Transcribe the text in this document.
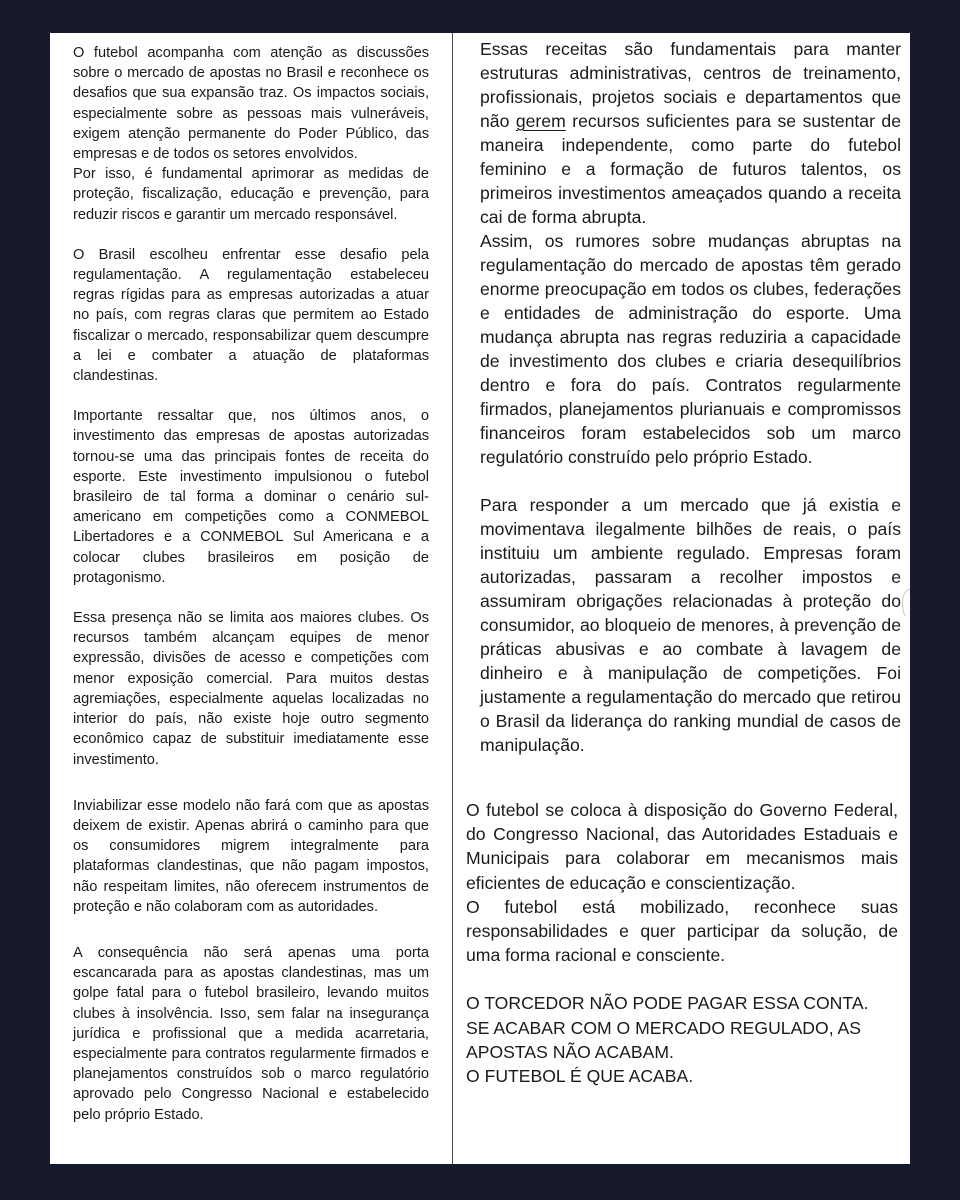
O futebol acompanha com atenção as discussões sobre o mercado de apostas no Brasil e reconhece os desafios que sua expansão traz. Os impactos sociais, especialmente sobre as pessoas mais vulneráveis, exigem atenção permanente do Poder Público, das empresas e de todos os setores envolvidos.

Por isso, é fundamental aprimorar as medidas de proteção, fiscalização, educação e prevenção, para reduzir riscos e garantir um mercado responsável.

O Brasil escolheu enfrentar esse desafio pela regulamentação. A regulamentação estabeleceu regras rígidas para as empresas autorizadas a atuar no país, com regras claras que permitem ao Estado fiscalizar o mercado, responsabilizar quem descumpre a lei e combater a atuação de plataformas clandestinas.

Importante ressaltar que, nos últimos anos, o investimento das empresas de apostas autorizadas tornou-se uma das principais fontes de receita do esporte. Este investimento impulsionou o futebol brasileiro de tal forma a dominar o cenário sul-americano em competições como a CONMEBOL Libertadores e a CONMEBOL Sul Americana e a colocar clubes brasileiros em posição de protagonismo.

Essa presença não se limita aos maiores clubes. Os recursos também alcançam equipes de menor expressão, divisões de acesso e competições com menor exposição comercial. Para muitos destas agremiações, especialmente aquelas localizadas no interior do país, não existe hoje outro segmento econômico capaz de substituir imediatamente esse investimento.

Inviabilizar esse modelo não fará com que as apostas deixem de existir. Apenas abrirá o caminho para que os consumidores migrem integralmente para plataformas clandestinas, que não pagam impostos, não respeitam limites, não oferecem instrumentos de proteção e não colaboram com as autoridades.

A consequência não será apenas uma porta escancarada para as apostas clandestinas, mas um golpe fatal para o futebol brasileiro, levando muitos clubes à insolvência. Isso, sem falar na insegurança jurídica e profissional que a medida acarretaria, especialmente para contratos regularmente firmados e planejamentos construídos sob o marco regulatório aprovado pelo Congresso Nacional e estabelecido pelo próprio Estado.

Essas receitas são fundamentais para manter estruturas administrativas, centros de treinamento, profissionais, projetos sociais e departamentos que não gerem recursos suficientes para se sustentar de maneira independente, como parte do futebol feminino e a formação de futuros talentos, os primeiros investimentos ameaçados quando a receita cai de forma abrupta.

Assim, os rumores sobre mudanças abruptas na regulamentação do mercado de apostas têm gerado enorme preocupação em todos os clubes, federações e entidades de administração do esporte. Uma mudança abrupta nas regras reduziria a capacidade de investimento dos clubes e criaria desequilíbrios dentro e fora do país. Contratos regularmente firmados, planejamentos plurianuais e compromissos financeiros foram estabelecidos sob um marco regulatório construído pelo próprio Estado.

Para responder a um mercado que já existia e movimentava ilegalmente bilhões de reais, o país instituiu um ambiente regulado. Empresas foram autorizadas, passaram a recolher impostos e assumiram obrigações relacionadas à proteção do consumidor, ao bloqueio de menores, à prevenção de práticas abusivas e ao combate à lavagem de dinheiro e à manipulação de competições. Foi justamente a regulamentação do mercado que retirou o Brasil da liderança do ranking mundial de casos de manipulação.

O futebol se coloca à disposição do Governo Federal, do Congresso Nacional, das Autoridades Estaduais e Municipais para colaborar em mecanismos mais eficientes de educação e conscientização.

O futebol está mobilizado, reconhece suas responsabilidades e quer participar da solução, de uma forma racional e consciente.

O TORCEDOR NÃO PODE PAGAR ESSA CONTA.

SE ACABAR COM O MERCADO REGULADO, AS APOSTAS NÃO ACABAM.

O FUTEBOL É QUE ACABA.
